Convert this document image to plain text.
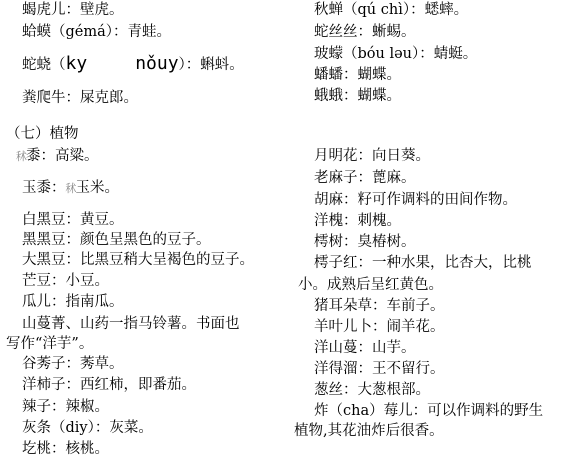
蝎虎儿：壁虎。
蛤蟆（gémá）：青蛙。
蛇蛲（ky	nǒuy）：蝌蚪。
粪爬牛：屎克郎。
（七）植物
秫黍：高粱。
玉黍：秫玉米。
白黑豆：黄豆。
黑黑豆：颜色呈黑色的豆子。
大黑豆：比黑豆稍大呈褐色的豆子。
芒豆：小豆。
瓜儿：指南瓜。
山蔓菁、山药一指马铃薯。书面也
写作“洋芋”。
谷莠子：莠草。
洋柿子：西红柿，即番茄。
辣子：辣椒。
灰条（diy）：灰菜。
圪桃：核桃。
秋蝉（qú chì）：蟋蟀。
蛇丝丝：蜥蜴。
玻蠓（bóu ləu）：蜻蜓。
蟠蟠：蝴蝶。
蛾蛾：蝴蝶。
月明花：向日葵。
老麻子：蓖麻。
胡麻：籽可作调料的田间作物。
洋槐：刺槐。
樗树：臭椿树。
樗子红：一种水果，比杏大，比桃
小。成熟后呈红黄色。
猪耳朵草：车前子。
羊叶儿卜：闹羊花。
洋山蔓：山芋。
洋得溜：王不留行。
葱丝：大葱根部。
炸（cha）莓儿：可以作调料的野生
植物,其花油炸后很香。
